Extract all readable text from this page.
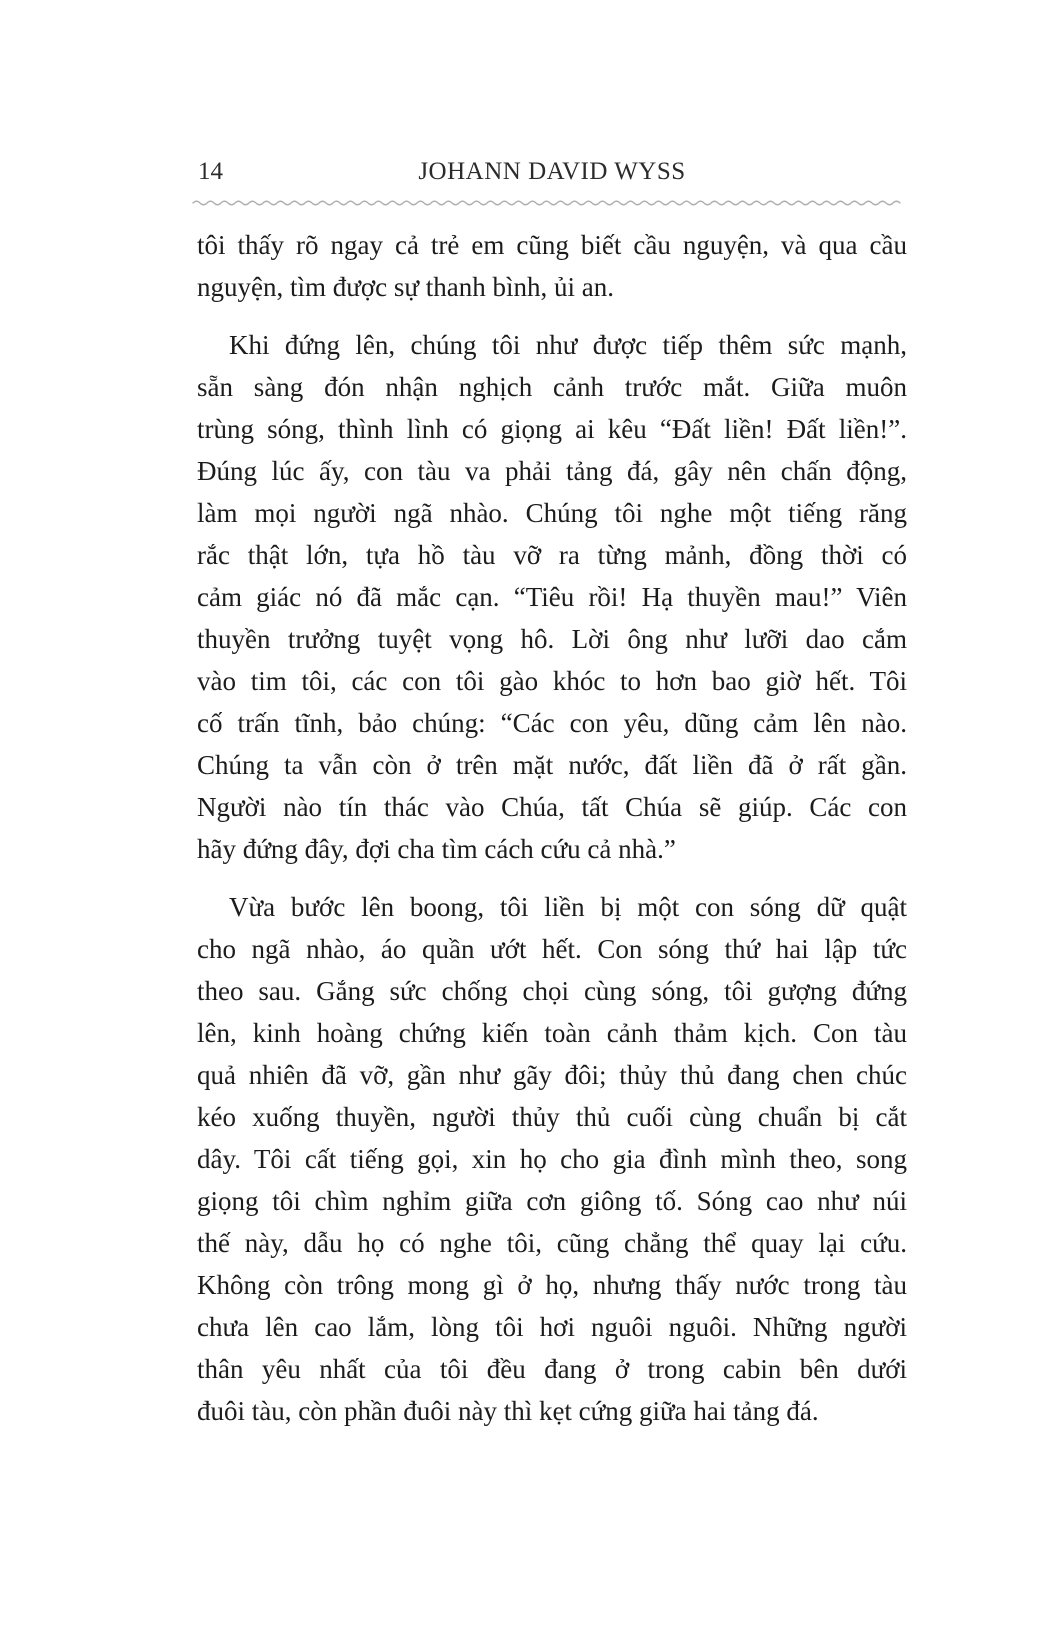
14	JOHANN DAVID WYSS
tôi thấy rõ ngay cả trẻ em cũng biết cầu nguyện, và qua cầu
nguyện, tìm được sự thanh bình, ủi an.
Khi đứng lên, chúng tôi như được tiếp thêm sức mạnh,
sẵn sàng đón nhận nghịch cảnh trước mắt. Giữa muôn
trùng sóng, thình lình có giọng ai kêu “Đất liền! Đất liền!”.
Đúng lúc ấy, con tàu va phải tảng đá, gây nên chấn động,
làm mọi người ngã nhào. Chúng tôi nghe một tiếng răng
rắc thật lớn, tựa hồ tàu vỡ ra từng mảnh, đồng thời có
cảm giác nó đã mắc cạn. “Tiêu rồi! Hạ thuyền mau!” Viên
thuyền trưởng tuyệt vọng hô. Lời ông như lưỡi dao cắm
vào tim tôi, các con tôi gào khóc to hơn bao giờ hết. Tôi
cố trấn tĩnh, bảo chúng: “Các con yêu, dũng cảm lên nào.
Chúng ta vẫn còn ở trên mặt nước, đất liền đã ở rất gần.
Người nào tín thác vào Chúa, tất Chúa sẽ giúp. Các con
hãy đứng đây, đợi cha tìm cách cứu cả nhà.”
Vừa bước lên boong, tôi liền bị một con sóng dữ quật
cho ngã nhào, áo quần ướt hết. Con sóng thứ hai lập tức
theo sau. Gắng sức chống chọi cùng sóng, tôi gượng đứng
lên, kinh hoàng chứng kiến toàn cảnh thảm kịch. Con tàu
quả nhiên đã vỡ, gần như gãy đôi; thủy thủ đang chen chúc
kéo xuống thuyền, người thủy thủ cuối cùng chuẩn bị cắt
dây. Tôi cất tiếng gọi, xin họ cho gia đình mình theo, song
giọng tôi chìm nghỉm giữa cơn giông tố. Sóng cao như núi
thế này, dẫu họ có nghe tôi, cũng chẳng thể quay lại cứu.
Không còn trông mong gì ở họ, nhưng thấy nước trong tàu
chưa lên cao lắm, lòng tôi hơi nguôi nguôi. Những người
thân yêu nhất của tôi đều đang ở trong cabin bên dưới
đuôi tàu, còn phần đuôi này thì kẹt cứng giữa hai tảng đá.
